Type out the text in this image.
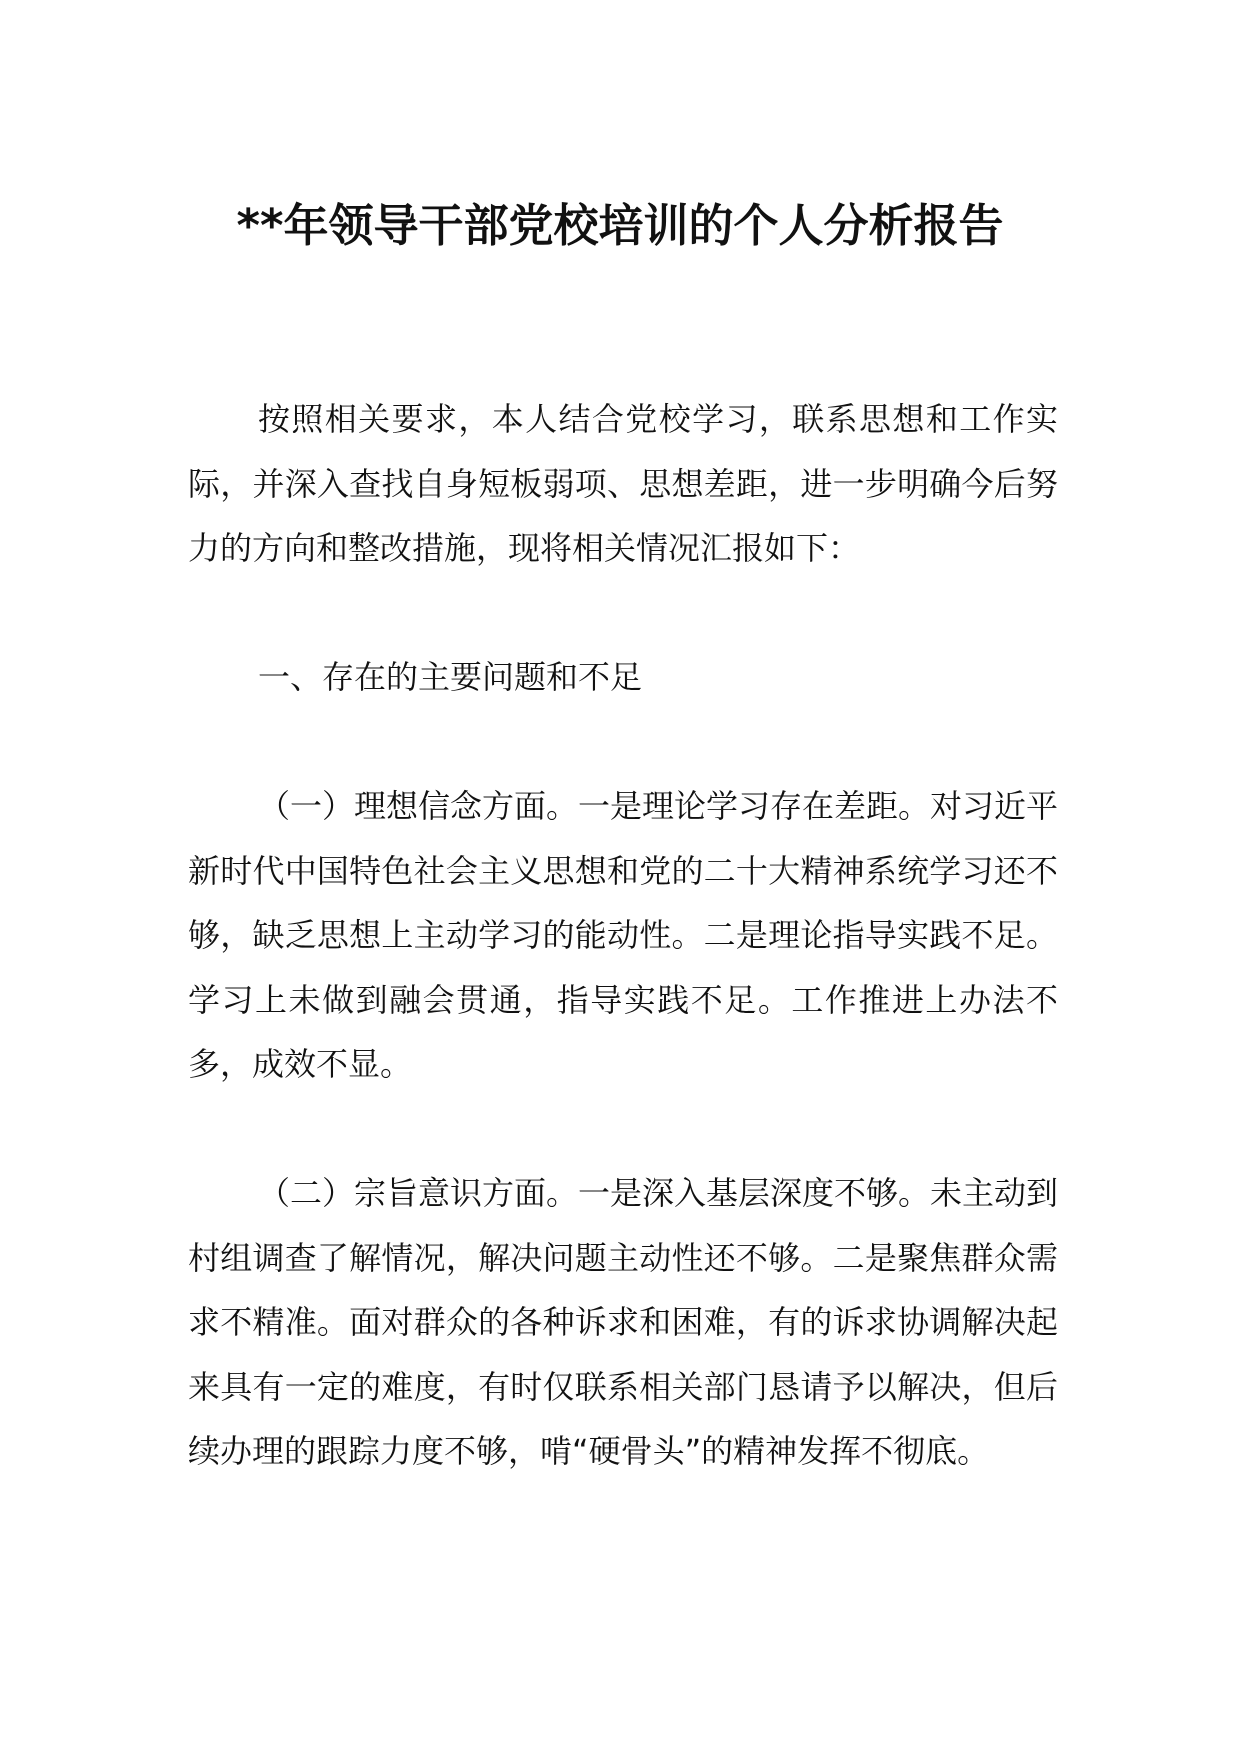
**年领导干部党校培训的个人分析报告

按照相关要求，本人结合党校学习，联系思想和工作实际，并深入查找自身短板弱项、思想差距，进一步明确今后努力的方向和整改措施，现将相关情况汇报如下：

一、存在的主要问题和不足

（一）理想信念方面。一是理论学习存在差距。对习近平新时代中国特色社会主义思想和党的二十大精神系统学习还不够，缺乏思想上主动学习的能动性。二是理论指导实践不足。学习上未做到融会贯通，指导实践不足。工作推进上办法不多，成效不显。

（二）宗旨意识方面。一是深入基层深度不够。未主动到村组调查了解情况，解决问题主动性还不够。二是聚焦群众需求不精准。面对群众的各种诉求和困难，有的诉求协调解决起来具有一定的难度，有时仅联系相关部门恳请予以解决，但后续办理的跟踪力度不够，啃“硬骨头”的精神发挥不彻底。
